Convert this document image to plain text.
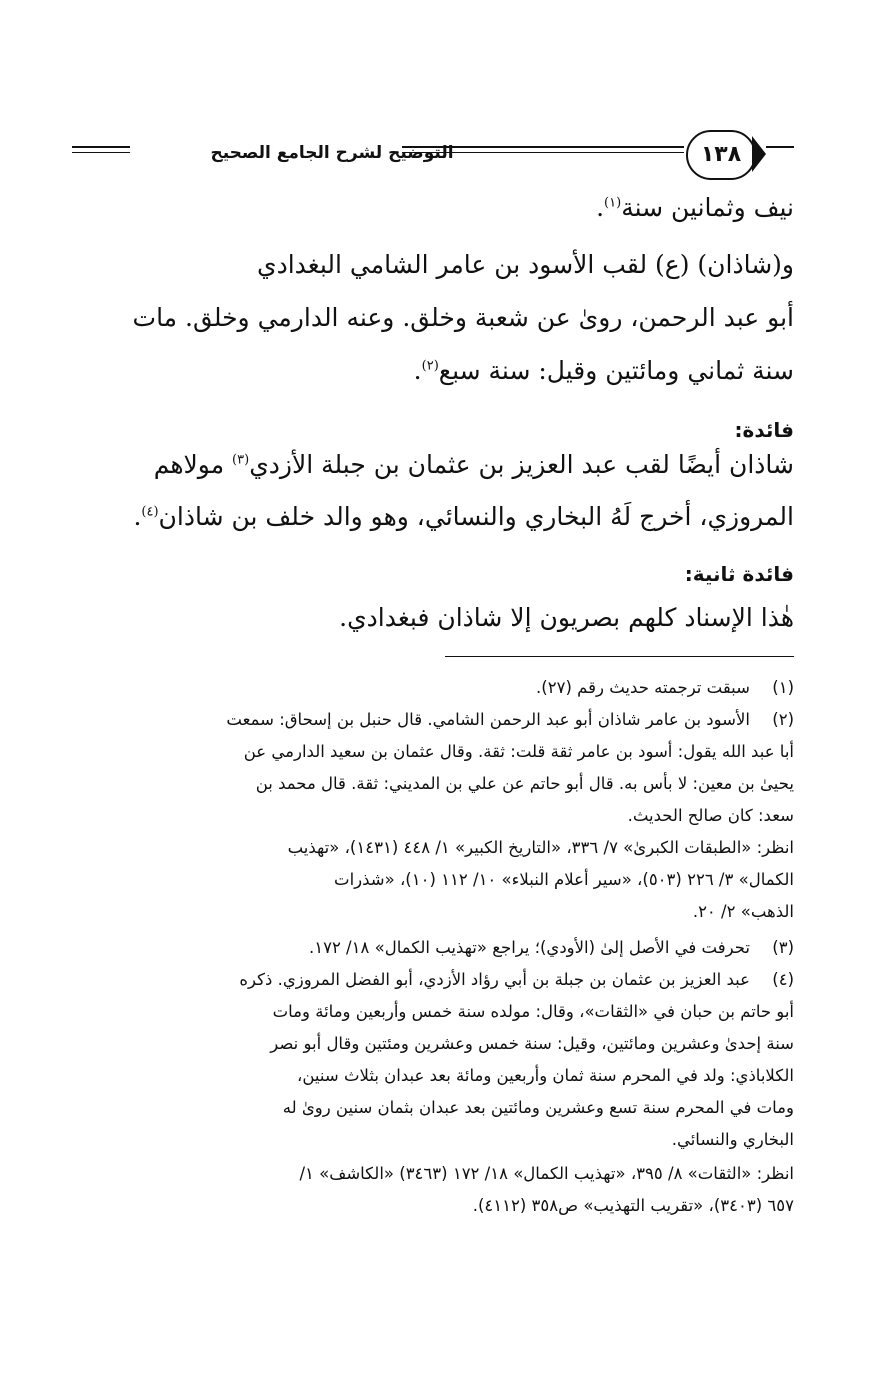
التوضيح لشرح الجامع الصحيح	١٣٨
نيف وثمانين سنة$^{(١)}$.
و(شاذان) (ع) لقب الأسود بن عامر الشامي البغدادي
أبو عبد الرحمن، رویٰ عن شعبة وخلق. وعنه الدارمي وخلق. مات
سنة ثماني ومائتين وقيل: سنة سبع$^{(٢)}$.
فائدة:
شاذان أيضًا لقب عبد العزيز بن عثمان بن جبلة الأزدي$^{(٣)}$ مولاهم
المروزي، أخرج لَهُ البخاري والنسائي، وهو والد خلف بن شاذان$^{(٤)}$.
فائدة ثانية:
هٰذا الإسناد كلهم بصريون إلا شاذان فبغدادي.
(١)
سبقت ترجمته حديث رقم (٢٧).
(٢)
الأسود بن عامر شاذان أبو عبد الرحمن الشامي. قال حنبل بن إسحاق: سمعت
أبا عبد الله يقول: أسود بن عامر ثقة قلت: ثقة. وقال عثمان بن سعيد الدارمي عن
يحيىٰ بن معين: لا بأس به. قال أبو حاتم عن علي بن المديني: ثقة. قال محمد بن
سعد: كان صالح الحديث.
انظر: «الطبقات الكبرىٰ» ٧/ ٣٣٦، «التاريخ الكبير» ١/ ٤٤٨ (١٤٣١)، «تهذيب
الكمال» ٣/ ٢٢٦ (٥٠٣)، «سير أعلام النبلاء» ١٠/ ١١٢ (١٠)، «شذرات
الذهب» ٢/ ٢٠.
(٣)
تحرفت في الأصل إلىٰ (الأودي)؛ يراجع «تهذيب الكمال» ١٨/ ١٧٢.
(٤)
عبد العزيز بن عثمان بن جبلة بن أبي رؤاد الأزدي، أبو الفضل المروزي. ذكره
أبو حاتم بن حبان في «الثقات»، وقال: مولده سنة خمس وأربعين ومائة ومات
سنة إحدىٰ وعشرين ومائتين، وقيل: سنة خمس وعشرين ومئتين وقال أبو نصر
الكلاباذي: ولد في المحرم سنة ثمان وأربعين ومائة بعد عبدان بثلاث سنين،
ومات في المحرم سنة تسع وعشرين ومائتين بعد عبدان بثمان سنين رویٰ له
البخاري والنسائي.
انظر: «الثقات» ٨/ ٣٩٥، «تهذيب الكمال» ١٨/ ١٧٢ (٣٤٦٣) «الكاشف» ١/
٦٥٧ (٣٤٠٣)، «تقريب التهذيب» ص٣٥٨ (٤١١٢).
